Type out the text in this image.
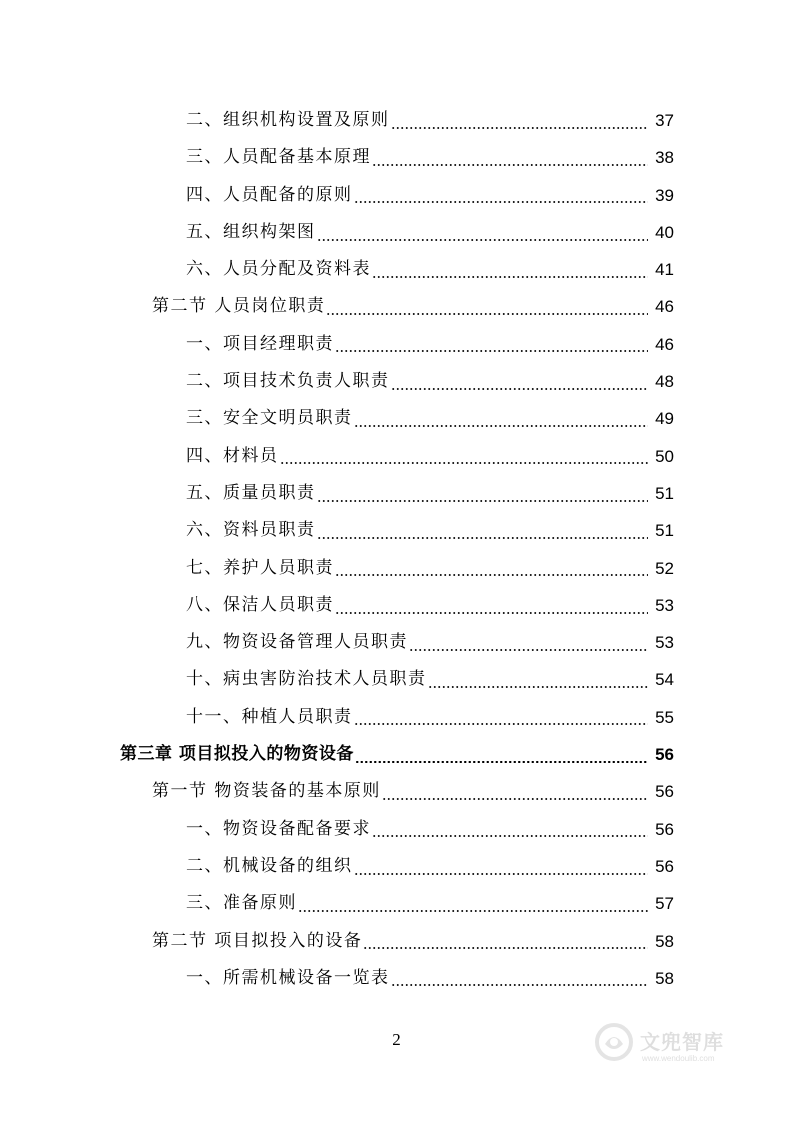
二、组织机构设置及原则	37
三、人员配备基本原理	38
四、人员配备的原则	39
五、组织构架图	40
六、人员分配及资料表	41
第二节 人员岗位职责	46
一、项目经理职责	46
二、项目技术负责人职责	48
三、安全文明员职责	49
四、材料员	50
五、质量员职责	51
六、资料员职责	51
七、养护人员职责	52
八、保洁人员职责	53
九、物资设备管理人员职责	53
十、病虫害防治技术人员职责	54
十一、种植人员职责	55
第三章 项目拟投入的物资设备	56
第一节 物资装备的基本原则	56
一、物资设备配备要求	56
二、机械设备的组织	56
三、准备原则	57
第二节 项目拟投入的设备	58
一、所需机械设备一览表	58
2	文兜智库
www.wendoulib.com
